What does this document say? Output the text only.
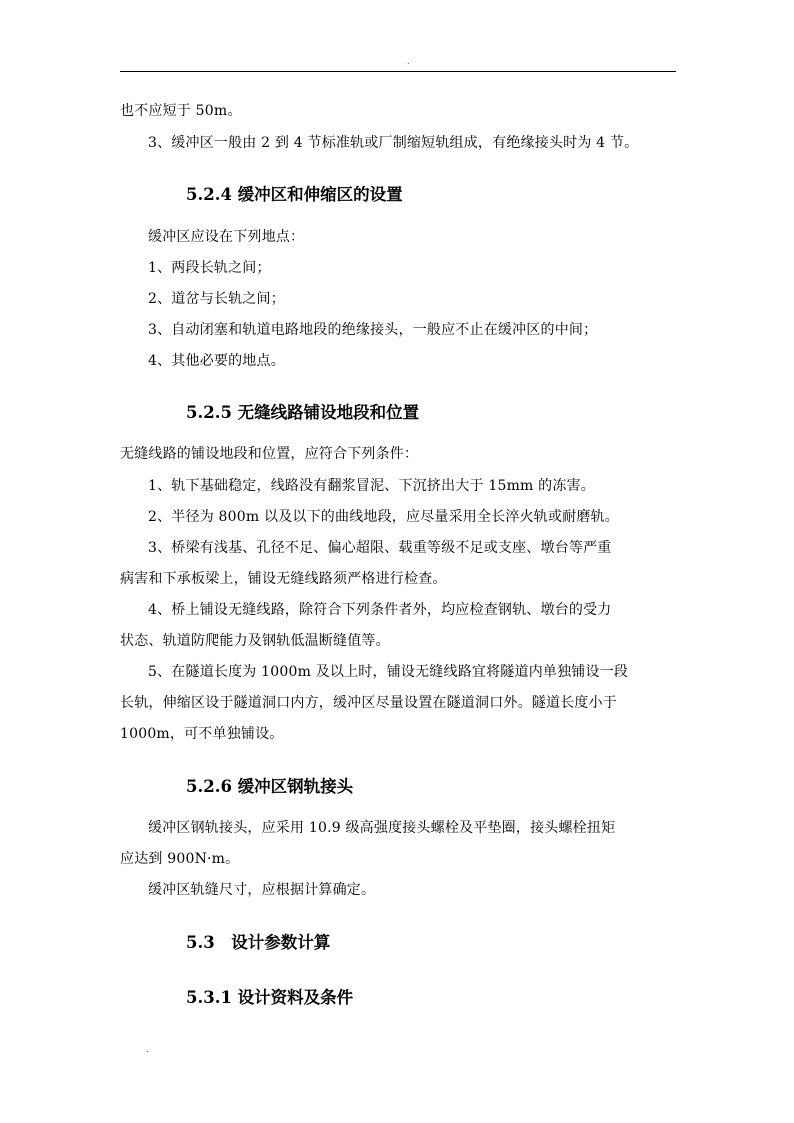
.
也不应短于 50m。
3、缓冲区一般由 2 到 4 节标准轨或厂制缩短轨组成，有绝缘接头时为 4 节。
5.2.4 缓冲区和伸缩区的设置
缓冲区应设在下列地点：
1、两段长轨之间；
2、道岔与长轨之间；
3、自动闭塞和轨道电路地段的绝缘接头，一般应不止在缓冲区的中间；
4、其他必要的地点。
5.2.5 无缝线路铺设地段和位置
无缝线路的铺设地段和位置，应符合下列条件：
1、轨下基础稳定，线路没有翻浆冒泥、下沉挤出大于 15mm 的冻害。
2、半径为 800m 以及以下的曲线地段，应尽量采用全长淬火轨或耐磨轨。
3、桥梁有浅基、孔径不足、偏心超限、载重等级不足或支座、墩台等严重
病害和下承板梁上，铺设无缝线路须严格进行检查。
4、桥上铺设无缝线路，除符合下列条件者外，均应检查钢轨、墩台的受力
状态、轨道防爬能力及钢轨低温断缝值等。
5、在隧道长度为 1000m 及以上时，铺设无缝线路宜将隧道内单独铺设一段
长轨，伸缩区设于隧道洞口内方，缓冲区尽量设置在隧道洞口外。隧道长度小于
1000m，可不单独铺设。
5.2.6 缓冲区钢轨接头
缓冲区钢轨接头，应采用 10.9 级高强度接头螺栓及平垫圈，接头螺栓扭矩
应达到 900N·m。
缓冲区轨缝尺寸，应根据计算确定。
5.3　设计参数计算
5.3.1 设计资料及条件
.
